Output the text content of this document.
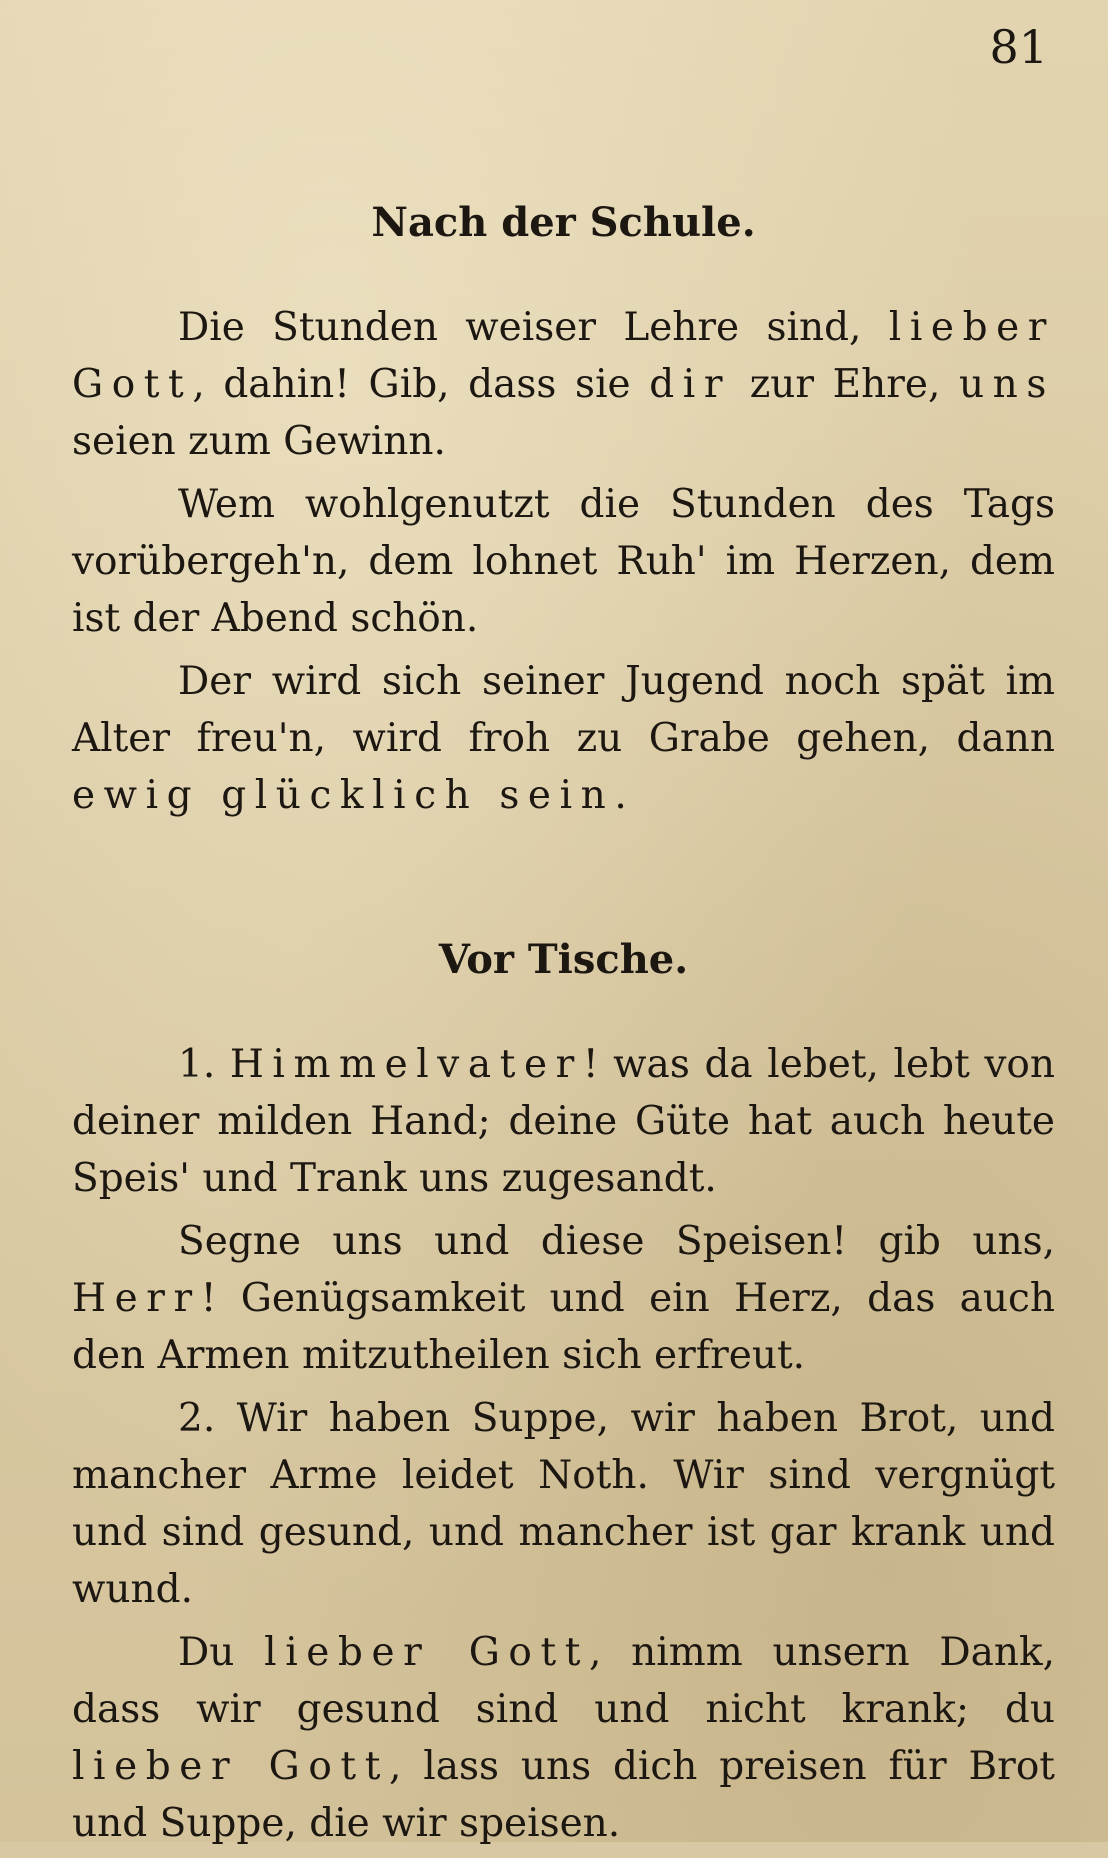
81
Nach der Schule.

Die Stunden weiser Lehre sind, lieber Gott, dahin! Gib, dass sie dir zur Ehre, uns seien zum Gewinn.

Wem wohlgenutzt die Stunden des Tags vorübergeh'n, dem lohnet Ruh' im Herzen, dem ist der Abend schön.

Der wird sich seiner Jugend noch spät im Alter freu'n, wird froh zu Grabe gehen, dann ewig glücklich sein.

Vor Tische.

1. Himmelvater! was da lebet, lebt von deiner milden Hand; deine Güte hat auch heute Speis' und Trank uns zugesandt.

Segne uns und diese Speisen! gib uns, Herr! Genügsamkeit und ein Herz, das auch den Armen mitzutheilen sich erfreut.

2. Wir haben Suppe, wir haben Brot, und mancher Arme leidet Noth. Wir sind vergnügt und sind gesund, und mancher ist gar krank und wund.

Du lieber Gott, nimm unsern Dank, dass wir gesund sind und nicht krank; du lieber Gott, lass uns dich preisen für Brot und Suppe, die wir speisen.
